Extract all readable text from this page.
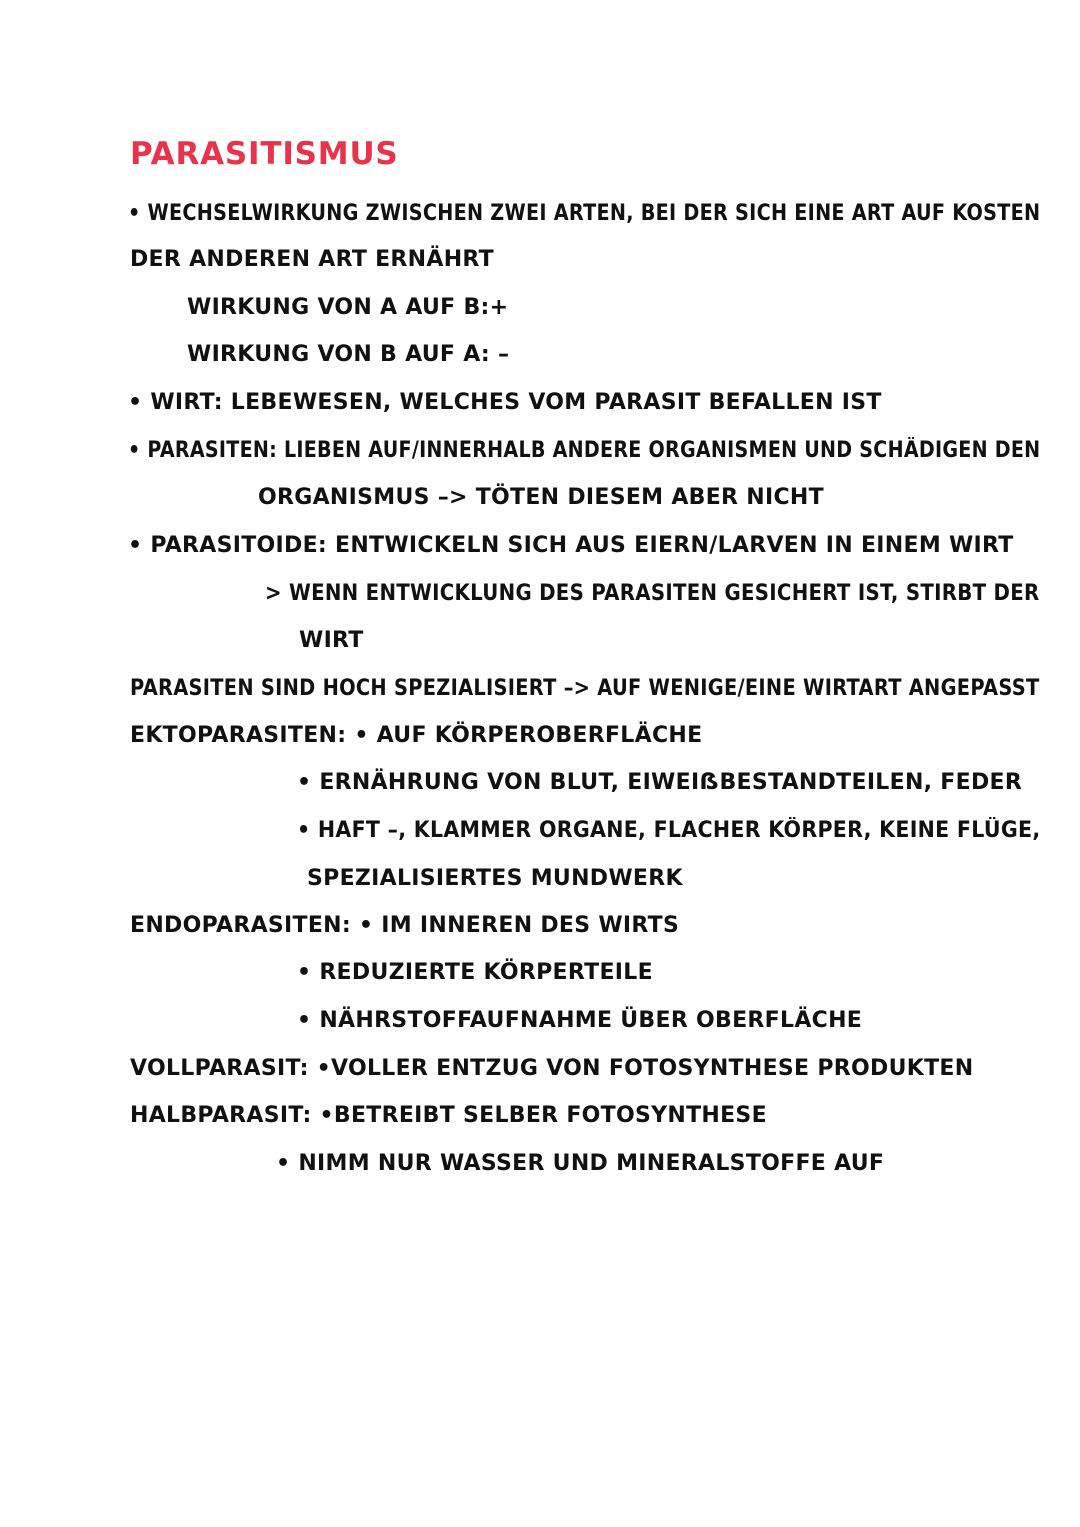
PARASITISMUS
• WECHSELWIRKUNG ZWISCHEN ZWEI ARTEN, BEI DER SICH EINE ART AUF KOSTEN
DER ANDEREN ART ERNÄHRT
WIRKUNG VON A AUF B:+
WIRKUNG VON B AUF A: –
• WIRT: LEBEWESEN, WELCHES VOM PARASIT BEFALLEN IST
• PARASITEN: LIEBEN AUF/INNERHALB ANDERE ORGANISMEN UND SCHÄDIGEN DEN
ORGANISMUS –> TÖTEN DIESEM ABER NICHT
• PARASITOIDE: ENTWICKELN SICH AUS EIERN/LARVEN IN EINEM WIRT
> WENN ENTWICKLUNG DES PARASITEN GESICHERT IST, STIRBT DER
WIRT
PARASITEN SIND HOCH SPEZIALISIERT –> AUF WENIGE/EINE WIRTART ANGEPASST
EKTOPARASITEN: • AUF KÖRPEROBERFLÄCHE
• ERNÄHRUNG VON BLUT, EIWEIẞBESTANDTEILEN, FEDER
• HAFT –, KLAMMER ORGANE, FLACHER KÖRPER, KEINE FLÜGE,
SPEZIALISIERTES MUNDWERK
ENDOPARASITEN: • IM INNEREN DES WIRTS
• REDUZIERTE KÖRPERTEILE
• NÄHRSTOFFAUFNAHME ÜBER OBERFLÄCHE
VOLLPARASIT: •VOLLER ENTZUG VON FOTOSYNTHESE PRODUKTEN
HALBPARASIT: •BETREIBT SELBER FOTOSYNTHESE
• NIMM NUR WASSER UND MINERALSTOFFE AUF
